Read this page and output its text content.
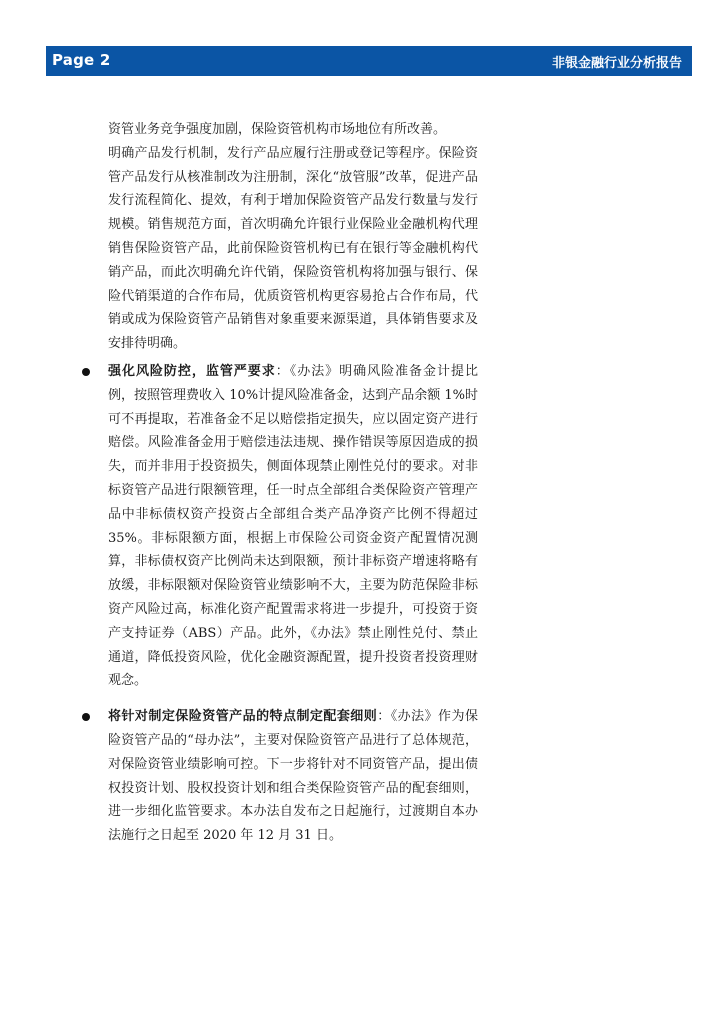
Page 2	非银金融行业分析报告

资管业务竞争强度加剧，保险资管机构市场地位有所改善。

明确产品发行机制，发行产品应履行注册或登记等程序。保险资管产品发行从核准制改为注册制，深化“放管服”改革，促进产品发行流程简化、提效，有利于增加保险资管产品发行数量与发行规模。销售规范方面，首次明确允许银行业保险业金融机构代理销售保险资管产品，此前保险资管机构已有在银行等金融机构代销产品，而此次明确允许代销，保险资管机构将加强与银行、保险代销渠道的合作布局，优质资管机构更容易抢占合作布局，代销或成为保险资管产品销售对象重要来源渠道，具体销售要求及安排待明确。

强化风险防控，监管严要求：《办法》明确风险准备金计提比例，按照管理费收入 10%计提风险准备金，达到产品余额 1%时可不再提取，若准备金不足以赔偿指定损失，应以固定资产进行赔偿。风险准备金用于赔偿违法违规、操作错误等原因造成的损失，而并非用于投资损失，侧面体现禁止刚性兑付的要求。对非标资管产品进行限额管理，任一时点全部组合类保险资产管理产品中非标债权资产投资占全部组合类产品净资产比例不得超过 35%。非标限额方面，根据上市保险公司资金资产配置情况测算，非标债权资产比例尚未达到限额，预计非标资产增速将略有放缓，非标限额对保险资管业绩影响不大，主要为防范保险非标资产风险过高，标准化资产配置需求将进一步提升，可投资于资产支持证券（ABS）产品。此外，《办法》禁止刚性兑付、禁止通道，降低投资风险，优化金融资源配置，提升投资者投资理财观念。
将针对制定保险资管产品的特点制定配套细则：《办法》作为保险资管产品的“母办法”，主要对保险资管产品进行了总体规范，对保险资管业绩影响可控。下一步将针对不同资管产品，提出债权投资计划、股权投资计划和组合类保险资管产品的配套细则，进一步细化监管要求。本办法自发布之日起施行，过渡期自本办法施行之日起至 2020 年 12 月 31 日。
